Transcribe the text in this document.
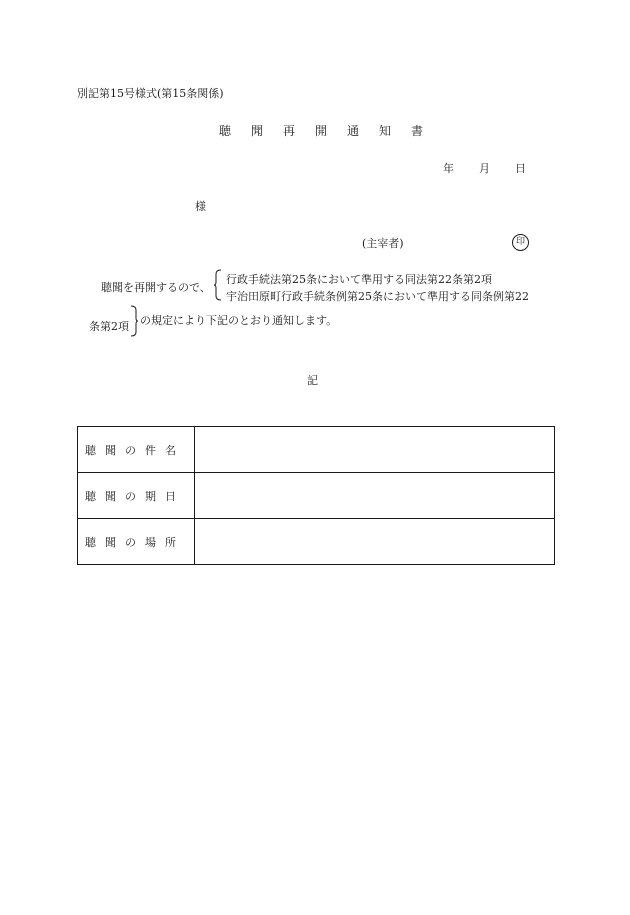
別記第15号様式(第15条関係)
聴聞再開通知書
年 月 日
様
(主宰者)	印
聴聞を再開するので、
行政手続法第25条において準用する同法第22条第2項
宇治田原町行政手続条例第25条において準用する同条例第22
条第2項 の規定により下記のとおり通知します。
記
聴聞の件名	
聴聞の期日	
聴聞の場所	
